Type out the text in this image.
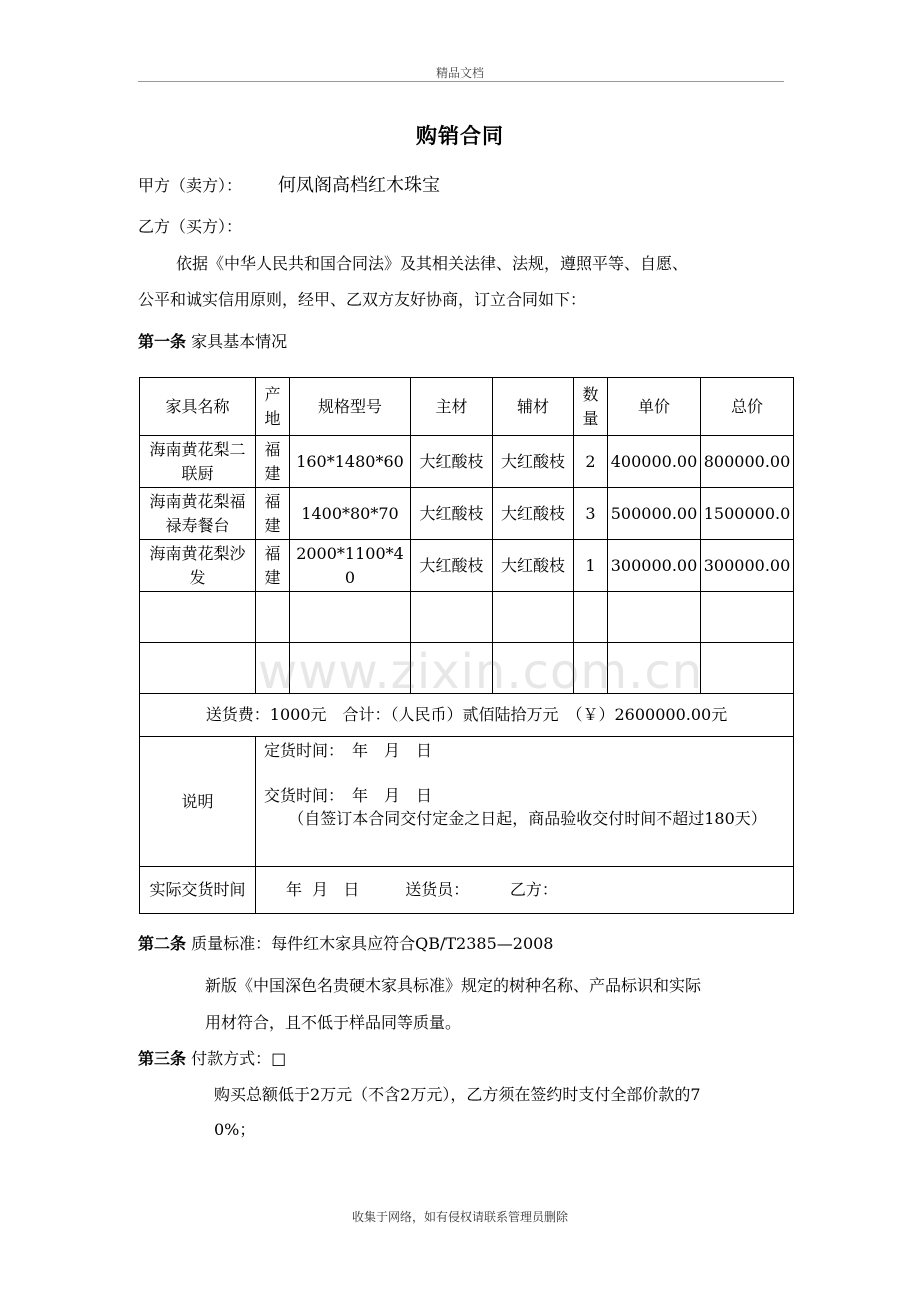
精品文档
购销合同
甲方（卖方）： 何凤阁高档红木珠宝
乙方（买方）：
依据《中华人民共和国合同法》及其相关法律、法规，遵照平等、自愿、
公平和诚实信用原则，经甲、乙双方友好协商，订立合同如下：
第一条 家具基本情况
家具名称	产地	规格型号	主材	辅材	数量	单价	总价
海南黄花梨二联厨	福建	160*1480*60	大红酸枝	大红酸枝	2	400000.00	800000.00
海南黄花梨福禄寿餐台	福建	1400*80*70	大红酸枝	大红酸枝	3	500000.00	1500000.0
海南黄花梨沙发	福建	2000*1100*40	大红酸枝	大红酸枝	1	300000.00	300000.00

送货费：1000元　合计：（人民币）贰佰陆拾万元　（￥）2600000.00元							
说明	定货时间：　年　月　日
交货时间：　年　月　日
（自签订本合同交付定金之日起，商品验收交付时间不超过180天）						

实际交货时间	年  月   日         送货员：        乙方：						
www.zixin.com.cn
第二条 质量标准：每件红木家具应符合QB/T2385—2008
新版《中国深色名贵硬木家具标准》规定的树种名称、产品标识和实际
用材符合，且不低于样品同等质量。
第三条 付款方式：□
购买总额低于2万元（不含2万元），乙方须在签约时支付全部价款的7
0%；
收集于网络，如有侵权请联系管理员删除
